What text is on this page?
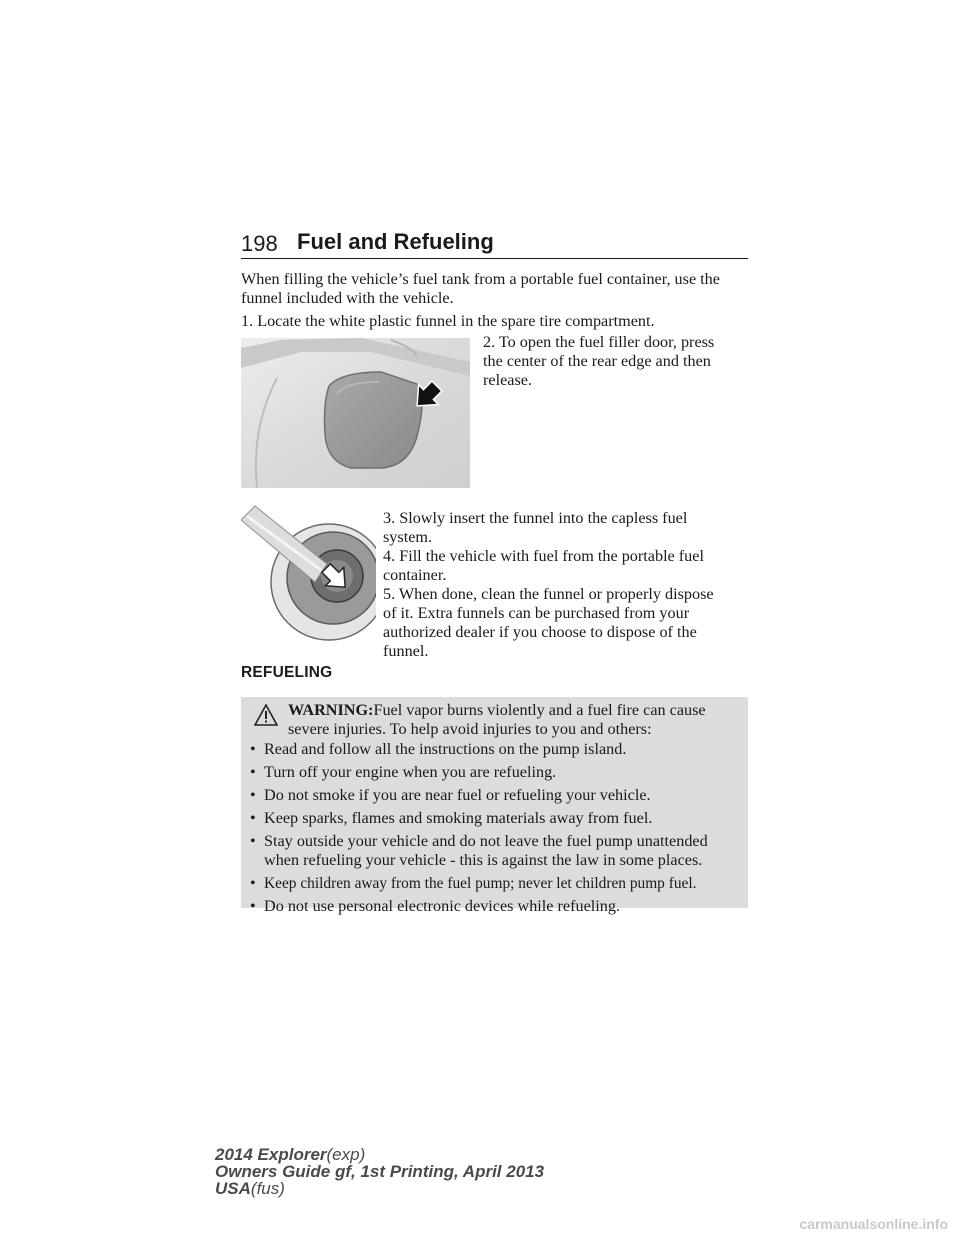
198 Fuel and Refueling

When filling the vehicle’s fuel tank from a portable fuel container, use the

funnel included with the vehicle.

1. Locate the white plastic funnel in the spare tire compartment.
2. To open the fuel filler door, press
the center of the rear edge and then
release.
3. Slowly insert the funnel into the capless fuel
system.
4. Fill the vehicle with fuel from the portable fuel
container.
5. When done, clean the funnel or properly dispose
of it. Extra funnels can be purchased from your
authorized dealer if you choose to dispose of the
funnel.
REFUELING
WARNING:Fuel vapor burns violently and a fuel fire can cause
severe injuries. To help avoid injuries to you and others:
• Read and follow all the instructions on the pump island.
• Turn off your engine when you are refueling.
• Do not smoke if you are near fuel or refueling your vehicle.
• Keep sparks, flames and smoking materials away from fuel.
• Stay outside your vehicle and do not leave the fuel pump unattended
when refueling your vehicle - this is against the law in some places.
• Keep children away from the fuel pump; never let children pump fuel.
• Do not use personal electronic devices while refueling.
2014 Explorer(exp)
Owners Guide gf, 1st Printing, April 2013
USA(fus)
carmanualsonline.info
